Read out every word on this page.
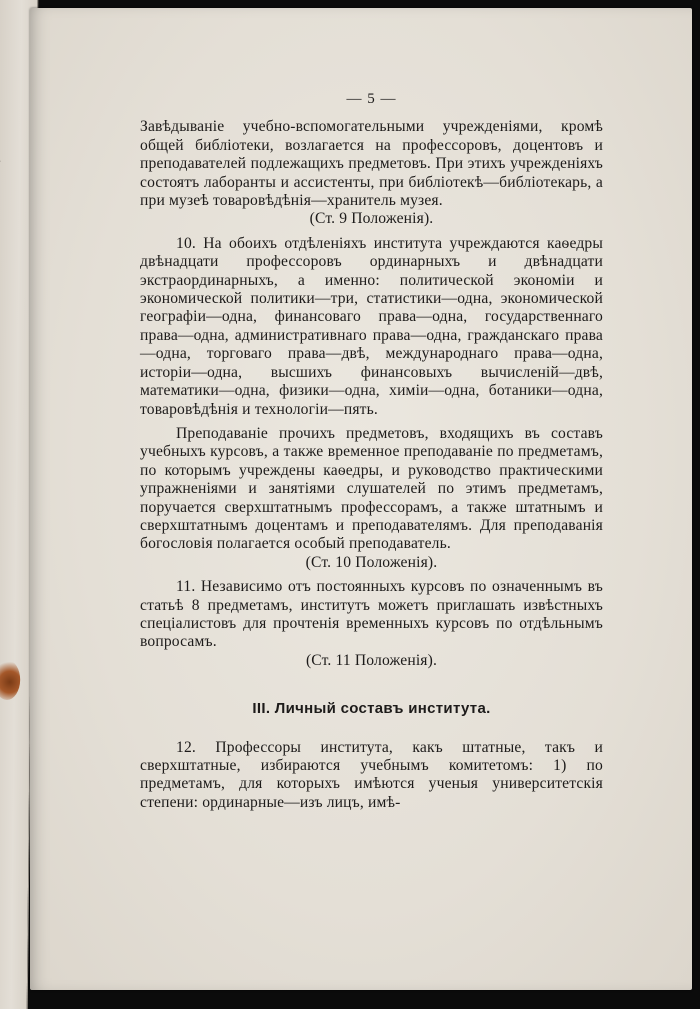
— 5 —

Завѣдываніе учебно-вспомогательными учрежденіями, кромѣ общей библіотеки, возлагается на профессоровъ, доцентовъ и преподавателей подлежащихъ предметовъ. При этихъ учрежденіяхъ состоятъ лаборанты и ассистенты, при библіотекѣ—библіотекарь, а при музеѣ товаровѣдѣнія—хранитель музея.

(Ст. 9 Положенія).

10. На обоихъ отдѣленіяхъ института учреждаются каѳедры двѣнадцати профессоровъ ординарныхъ и двѣнадцати экстраординарныхъ, а именно: политической экономіи и экономической политики—три, статистики—одна, экономической географіи—одна, финансоваго права—одна, государственнаго права—одна, административнаго права—одна, гражданскаго права—одна, торговаго права—двѣ, международнаго права—одна, исторіи—одна, высшихъ финансовыхъ вычисленій—двѣ, математики—одна, физики—одна, химіи—одна, ботаники—одна, товаровѣдѣнія и технологіи—пять.

Преподаваніе прочихъ предметовъ, входящихъ въ составъ учебныхъ курсовъ, а также временное преподаваніе по предметамъ, по которымъ учреждены каѳедры, и руководство практическими упражненіями и занятіями слушателей по этимъ предметамъ, поручается сверхштатнымъ профессорамъ, а также штатнымъ и сверхштатнымъ доцентамъ и преподавателямъ. Для преподаванія богословія полагается особый преподаватель.

(Ст. 10 Положенія).

11. Независимо отъ постоянныхъ курсовъ по означеннымъ въ статьѣ 8 предметамъ, институтъ можетъ приглашать извѣстныхъ спеціалистовъ для прочтенія временныхъ курсовъ по отдѣльнымъ вопросамъ.

(Ст. 11 Положенія).
III. Личный составъ института.

12. Профессоры института, какъ штатные, такъ и сверхштатные, избираются учебнымъ комитетомъ: 1) по предметамъ, для которыхъ имѣются ученыя университетскія степени: ординарные—изъ лицъ, имѣ-
